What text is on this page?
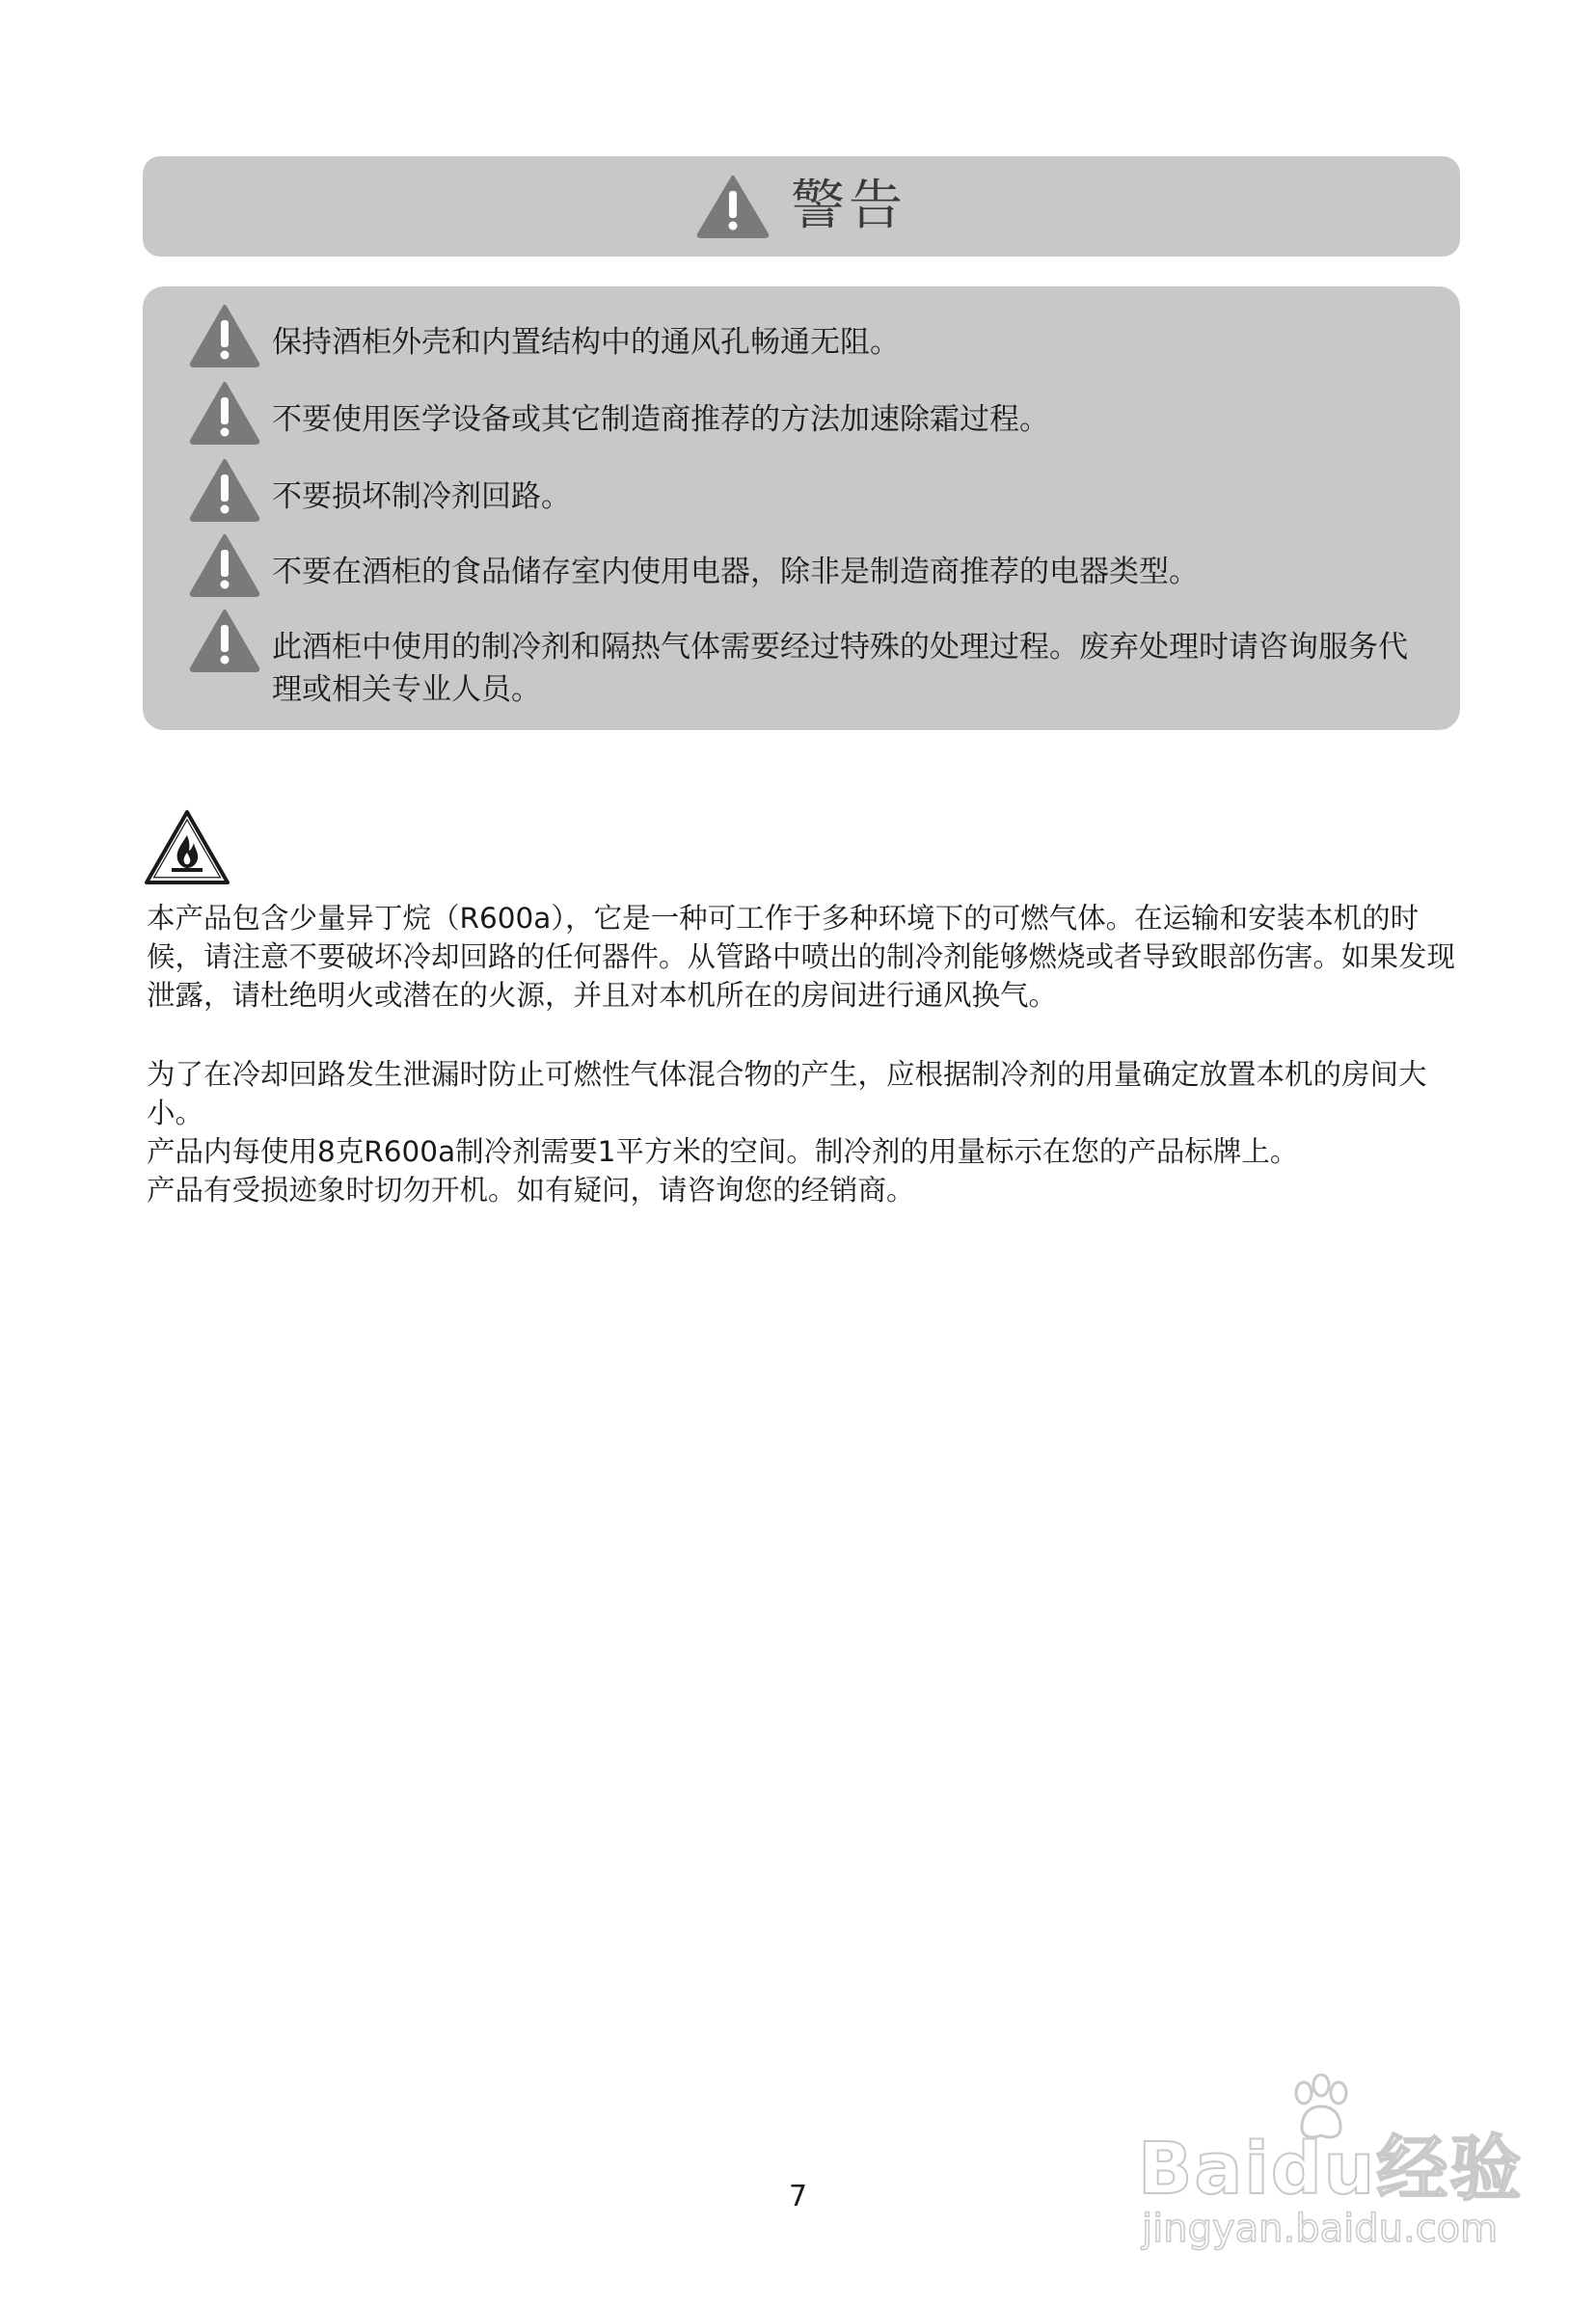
警告
保持酒柜外壳和内置结构中的通风孔畅通无阻。
不要使用医学设备或其它制造商推荐的方法加速除霜过程。
不要损坏制冷剂回路。
不要在酒柜的食品储存室内使用电器，除非是制造商推荐的电器类型。
此酒柜中使用的制冷剂和隔热气体需要经过特殊的处理过程。废弃处理时请咨询服务代理或相关专业人员。
本产品包含少量异丁烷（R600a），它是一种可工作于多种环境下的可燃气体。在运输和安装本机的时候，请注意不要破坏冷却回路的任何器件。从管路中喷出的制冷剂能够燃烧或者导致眼部伤害。如果发现泄露，请杜绝明火或潜在的火源，并且对本机所在的房间进行通风换气。
为了在冷却回路发生泄漏时防止可燃性气体混合物的产生，应根据制冷剂的用量确定放置本机的房间大小。
产品内每使用8克R600a制冷剂需要1平方米的空间。制冷剂的用量标示在您的产品标牌上。
产品有受损迹象时切勿开机。如有疑问，请咨询您的经销商。
7	Baidu经验
jingyan.baidu.com
